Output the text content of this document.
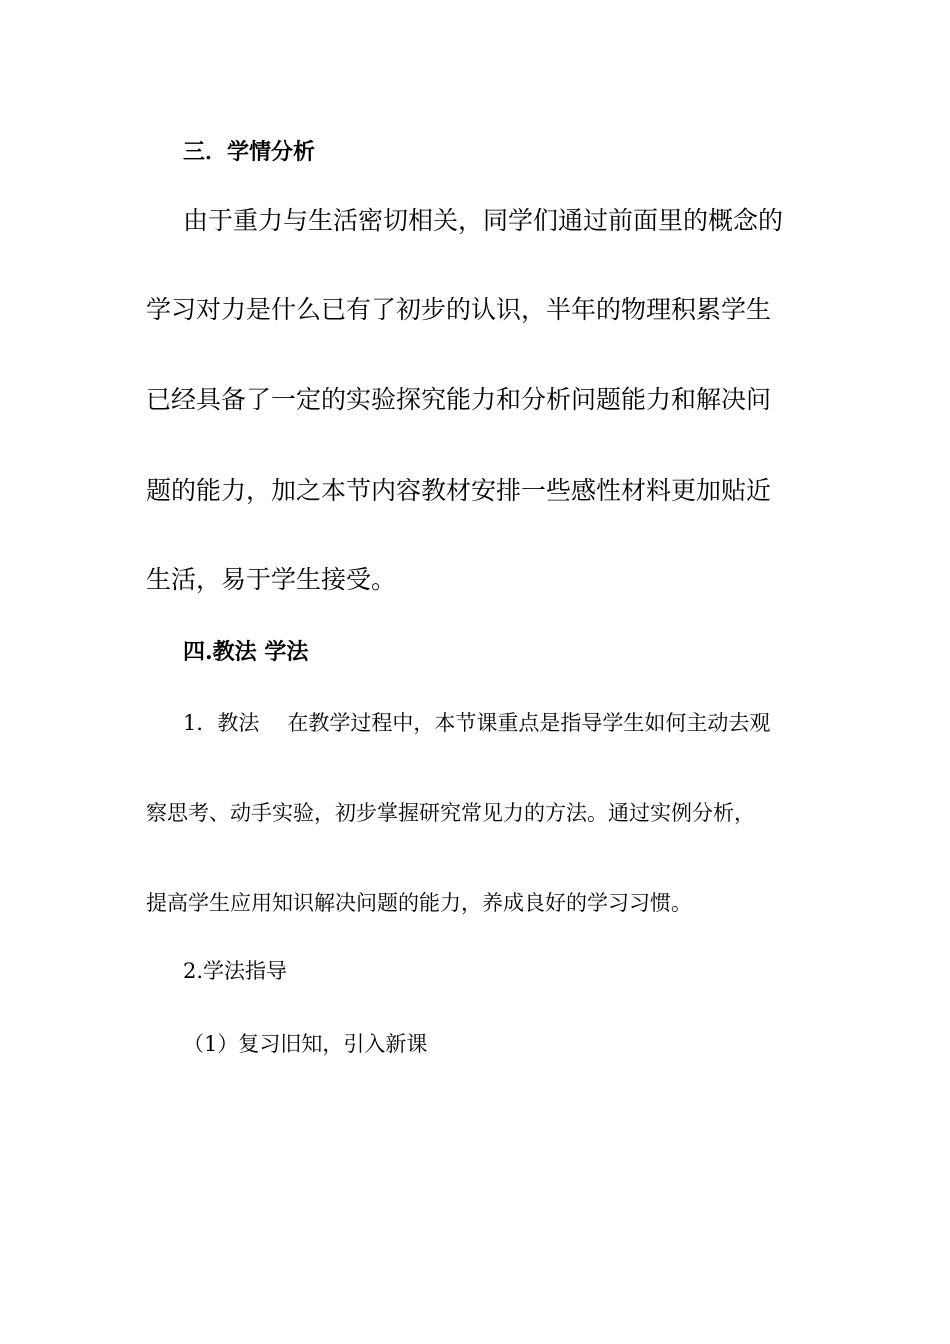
三．学情分析
由于重力与生活密切相关，同学们通过前面里的概念的
学习对力是什么已有了初步的认识，半年的物理积累学生
已经具备了一定的实验探究能力和分析问题能力和解决问
题的能力，加之本节内容教材安排一些感性材料更加贴近
生活，易于学生接受。
四.教法 学法
1．教法 在教学过程中，本节课重点是指导学生如何主动去观
察思考、动手实验，初步掌握研究常见力的方法。通过实例分析，
提高学生应用知识解决问题的能力，养成良好的学习习惯。
2.学法指导
（1）复习旧知，引入新课
